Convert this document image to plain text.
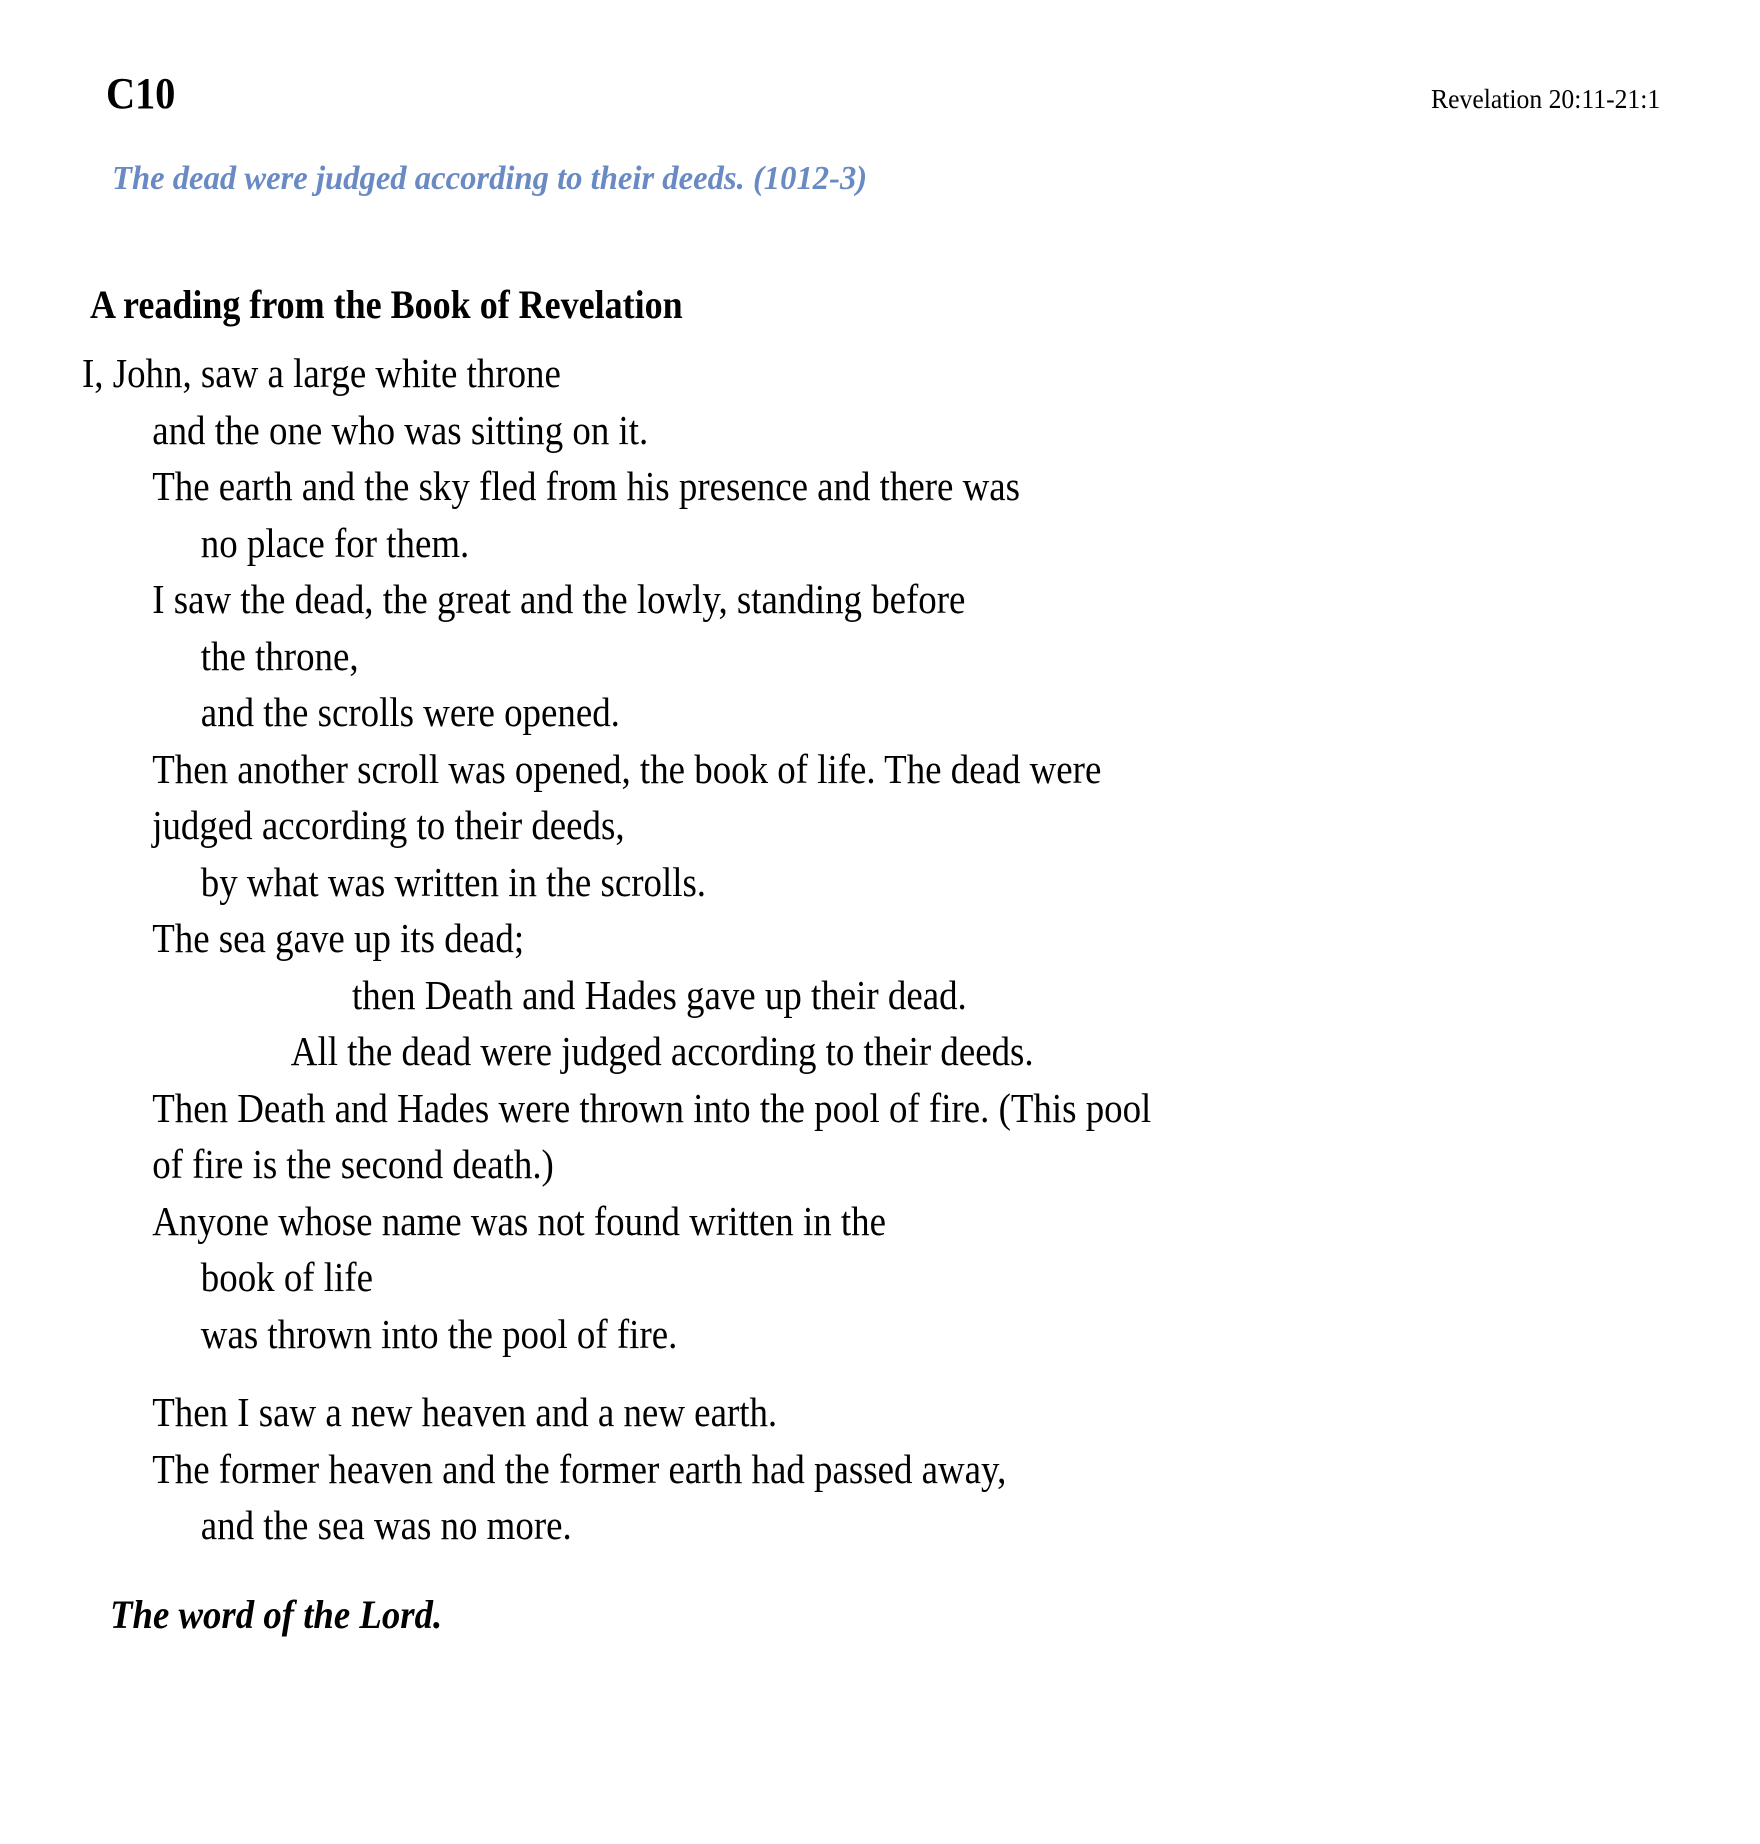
C10	Revelation 20:11-21:1
The dead were judged according to their deeds. (1012-3)
A reading from the Book of Revelation
I, John, saw a large white throne
and the one who was sitting on it.
The earth and the sky fled from his presence and there was
no place for them.
I saw the dead, the great and the lowly, standing before
the throne,
and the scrolls were opened.
Then another scroll was opened, the book of life. The dead were
judged according to their deeds,
by what was written in the scrolls.
The sea gave up its dead;
then Death and Hades gave up their dead.
All the dead were judged according to their deeds.
Then Death and Hades were thrown into the pool of fire. (This pool
of fire is the second death.)
Anyone whose name was not found written in the
book of life
was thrown into the pool of fire.
Then I saw a new heaven and a new earth.
The former heaven and the former earth had passed away,
and the sea was no more.
The word of the Lord.
